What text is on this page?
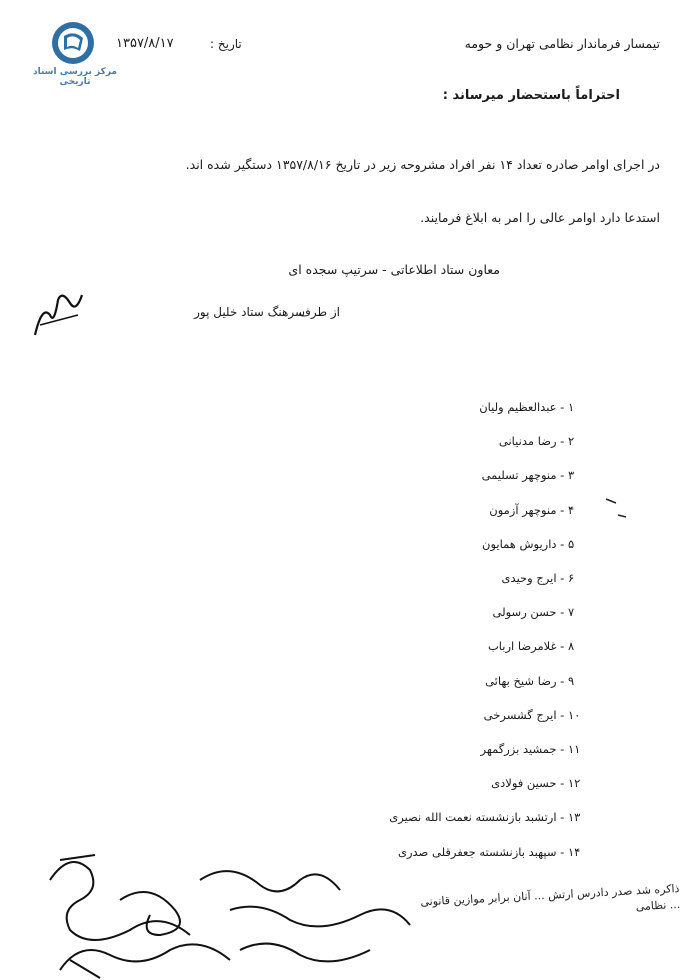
مرکز بررسی اسناد تاریخی
تیمسار فرماندار نظامی تهران و حومه
تاریخ :
۱۳۵۷/۸/۱۷
احتراماً باستحضار میرساند :
در اجرای اوامر صادره تعداد ۱۴ نفر افراد مشروحه زیر در تاریخ ۱۳۵۷/۸/۱۶ دستگیر شده اند.
استدعا دارد اوامر عالی را امر به ابلاغ فرمایند.
معاون ستاد اطلاعاتی - سرتیپ سجده ای
از طرف
سرهنگ ستاد خلیل پور
۱ - عبدالعظیم ولیان
۲ - رضا مدنیانی
۳ - منوچهر تسلیمی
۴ - منوچهر آزمون
۵ - داریوش همایون
۶ - ایرج وحیدی
۷ - حسن رسولی
۸ - غلامرضا ارباب
۹ - رضا شیخ بهائی
۱۰ - ایرج گشسرخی
۱۱ - جمشید بزرگمهر
۱۲ - حسین فولادی
۱۳ - ارتشبد بازنشسته نعمت الله نصیری
۱۴ - سپهبد بازنشسته جعفرقلی صدری
ذاکره شد صدر دادرس ارتش ... آنان برابر موازین قانونی ... نظامی
